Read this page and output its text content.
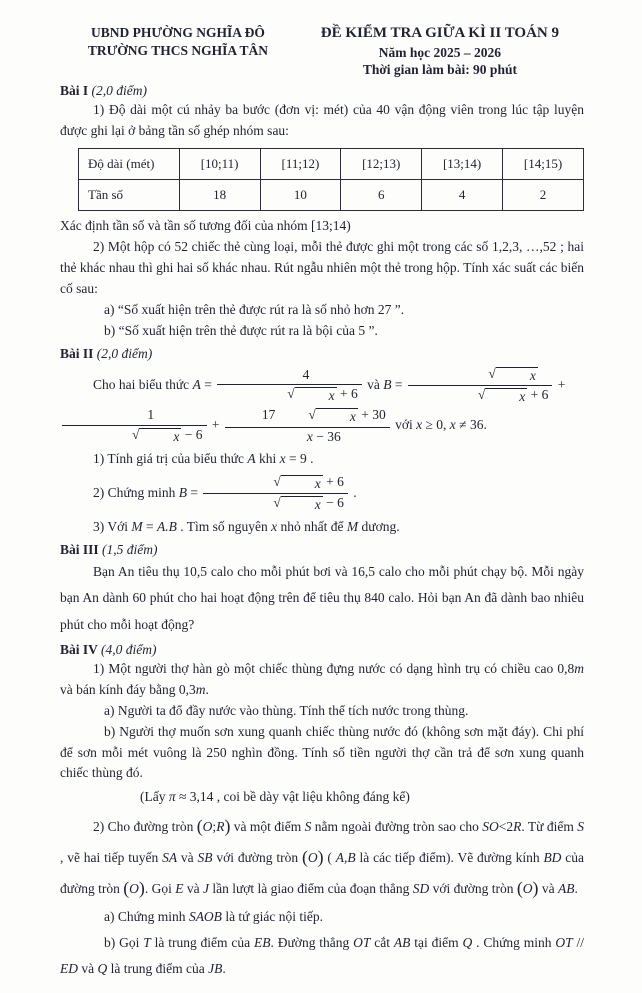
UBND PHƯỜNG NGHĨA ĐÔ
TRƯỜNG THCS NGHĨA TÂN
ĐỀ KIỂM TRA GIỮA KÌ II TOÁN 9
Năm học 2025 – 2026
Thời gian làm bài: 90 phút
Bài I (2,0 điểm)

1) Độ dài một cú nhảy ba bước (đơn vị: mét) của 40 vận động viên trong lúc tập luyện được ghi lại ở bảng tần số ghép nhóm sau:

Độ dài (mét)	[10;11)	[11;12)	[12;13)	[13;14)	[14;15)
Tần số	18	10	6	4	2

Xác định tần số và tần số tương đối của nhóm [13;14)

2) Một hộp có 52 chiếc thẻ cùng loại, mỗi thẻ được ghi một trong các số 1,2,3, …,52 ; hai thẻ khác nhau thì ghi hai số khác nhau. Rút ngẫu nhiên một thẻ trong hộp. Tính xác suất các biến cố sau:

a) “Số xuất hiện trên thẻ được rút ra là số nhỏ hơn 27 ”.

b) “Số xuất hiện trên thẻ được rút ra là bội của 5 ”.

Bài II (2,0 điểm)

Cho hai biểu thức A = 4
√	x + 6 và B = √	x
√	x + 6 +
1
√	x − 6 + 17	√	x + 30
x − 36 với x ≥ 0, x ≠ 36.

1) Tính giá trị của biểu thức A khi x = 9 .

2) Chứng minh B = √	x + 6
√	x − 6 .

3) Với M = A.B . Tìm số nguyên x nhỏ nhất để M dương.

Bài III (1,5 điểm)

Bạn An tiêu thụ 10,5 calo cho mỗi phút bơi và 16,5 calo cho mỗi phút chạy bộ. Mỗi ngày bạn An dành 60 phút cho hai hoạt động trên để tiêu thụ 840 calo. Hỏi bạn An đã dành bao nhiêu phút cho mỗi hoạt động?

Bài IV (4,0 điểm)

1) Một người thợ hàn gò một chiếc thùng đựng nước có dạng hình trụ có chiều cao 0,8m và bán kính đáy bằng 0,3m.

a) Người ta đổ đầy nước vào thùng. Tính thể tích nước trong thùng.

b) Người thợ muốn sơn xung quanh chiếc thùng nước đó (không sơn mặt đáy). Chi phí để sơn mỗi mét vuông là 250 nghìn đồng. Tính số tiền người thợ cần trả để sơn xung quanh chiếc thùng đó.

(Lấy π ≈ 3,14 , coi bề dày vật liệu không đáng kể)

2) Cho đường tròn (O;R) và một điểm S nằm ngoài đường tròn sao cho SO<2R. Từ điểm S , vẽ hai tiếp tuyến SA và SB với đường tròn (O) ( A,B là các tiếp điểm). Vẽ đường kính BD của đường tròn (O). Gọi E và J lần lượt là giao điểm của đoạn thẳng SD với đường tròn (O) và AB.

a) Chứng minh SAOB là tứ giác nội tiếp.

b) Gọi T là trung điểm của EB. Đường thẳng OT cắt AB tại điểm Q . Chứng minh OT // ED và Q là trung điểm của JB.
